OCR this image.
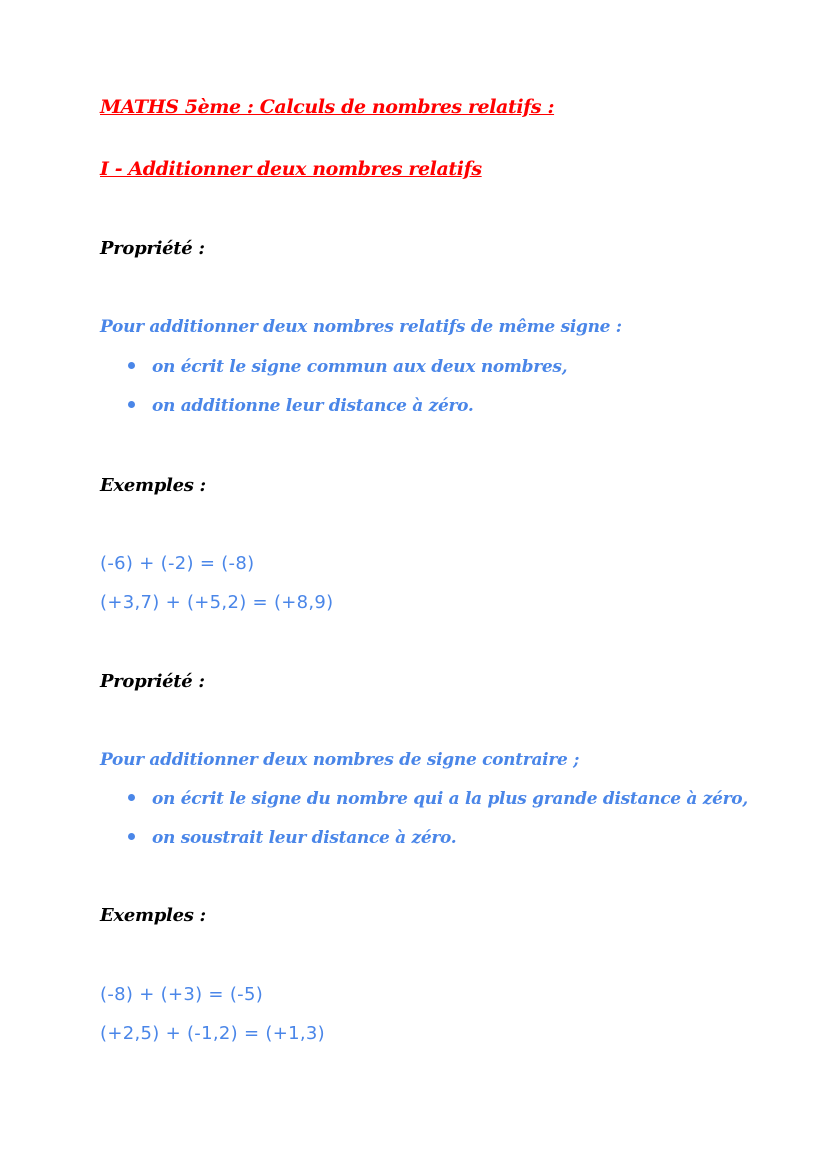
MATHS 5ème : Calculs de nombres relatifs :
I - Additionner deux nombres relatifs
Propriété :
Pour additionner deux nombres relatifs de même signe :
on écrit le signe commun aux deux nombres,
on additionne leur distance à zéro.
Exemples :
(-6) + (-2) = (-8)
(+3,7) + (+5,2) = (+8,9)
Propriété :
Pour additionner deux nombres de signe contraire ;
on écrit le signe du nombre qui a la plus grande distance à zéro,
on soustrait leur distance à zéro.
Exemples :
(-8) + (+3) = (-5)
(+2,5) + (-1,2) = (+1,3)
